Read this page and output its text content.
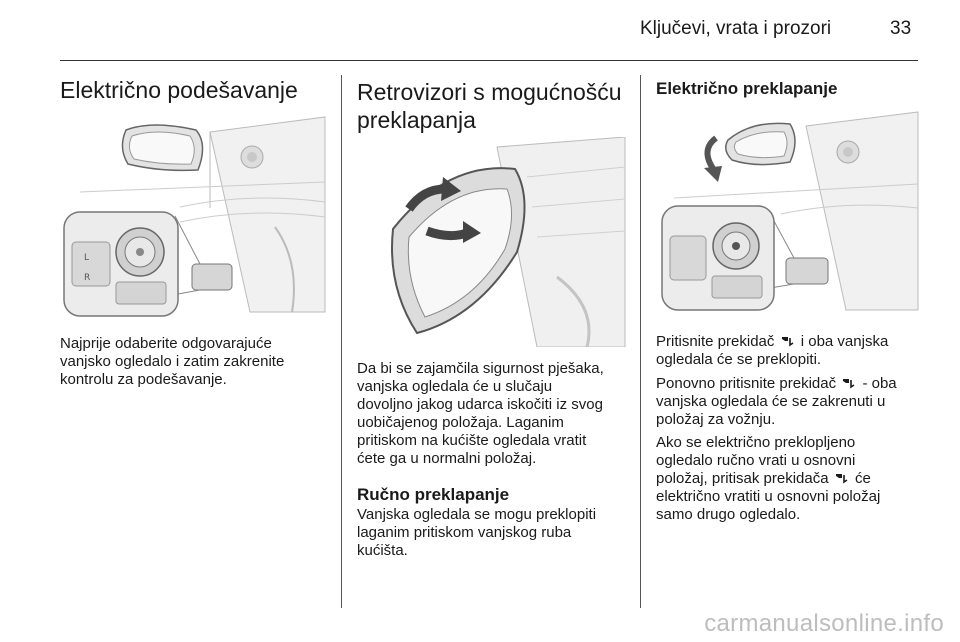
Ključevi, vrata i prozori	33
Električno podešavanje
L
R

Najprije odaberite odgovarajuće
vanjsko ogledalo i zatim zakrenite
kontrolu za podešavanje.

Retrovizori s mogućnošću
preklapanja

Da bi se zajamčila sigurnost pješaka,
vanjska ogledala će u slučaju
dovoljno jakog udarca iskočiti iz svog
uobičajenog položaja. Laganim
pritiskom na kućište ogledala vratit
ćete ga u normalni položaj.

Ručno preklapanje

Vanjska ogledala se mogu preklopiti
laganim pritiskom vanjskog ruba
kućišta.

Električno preklapanje
Pritisnite prekidač i oba vanjska
ogledala će se preklopiti.
Ponovno pritisnite prekidač - oba
vanjska ogledala će se zakrenuti u
položaj za vožnju.
Ako se električno preklopljeno
ogledalo ručno vrati u osnovni
položaj, pritisak prekidača će
električno vratiti u osnovni položaj
samo drugo ogledalo.
carmanualsonline.info
